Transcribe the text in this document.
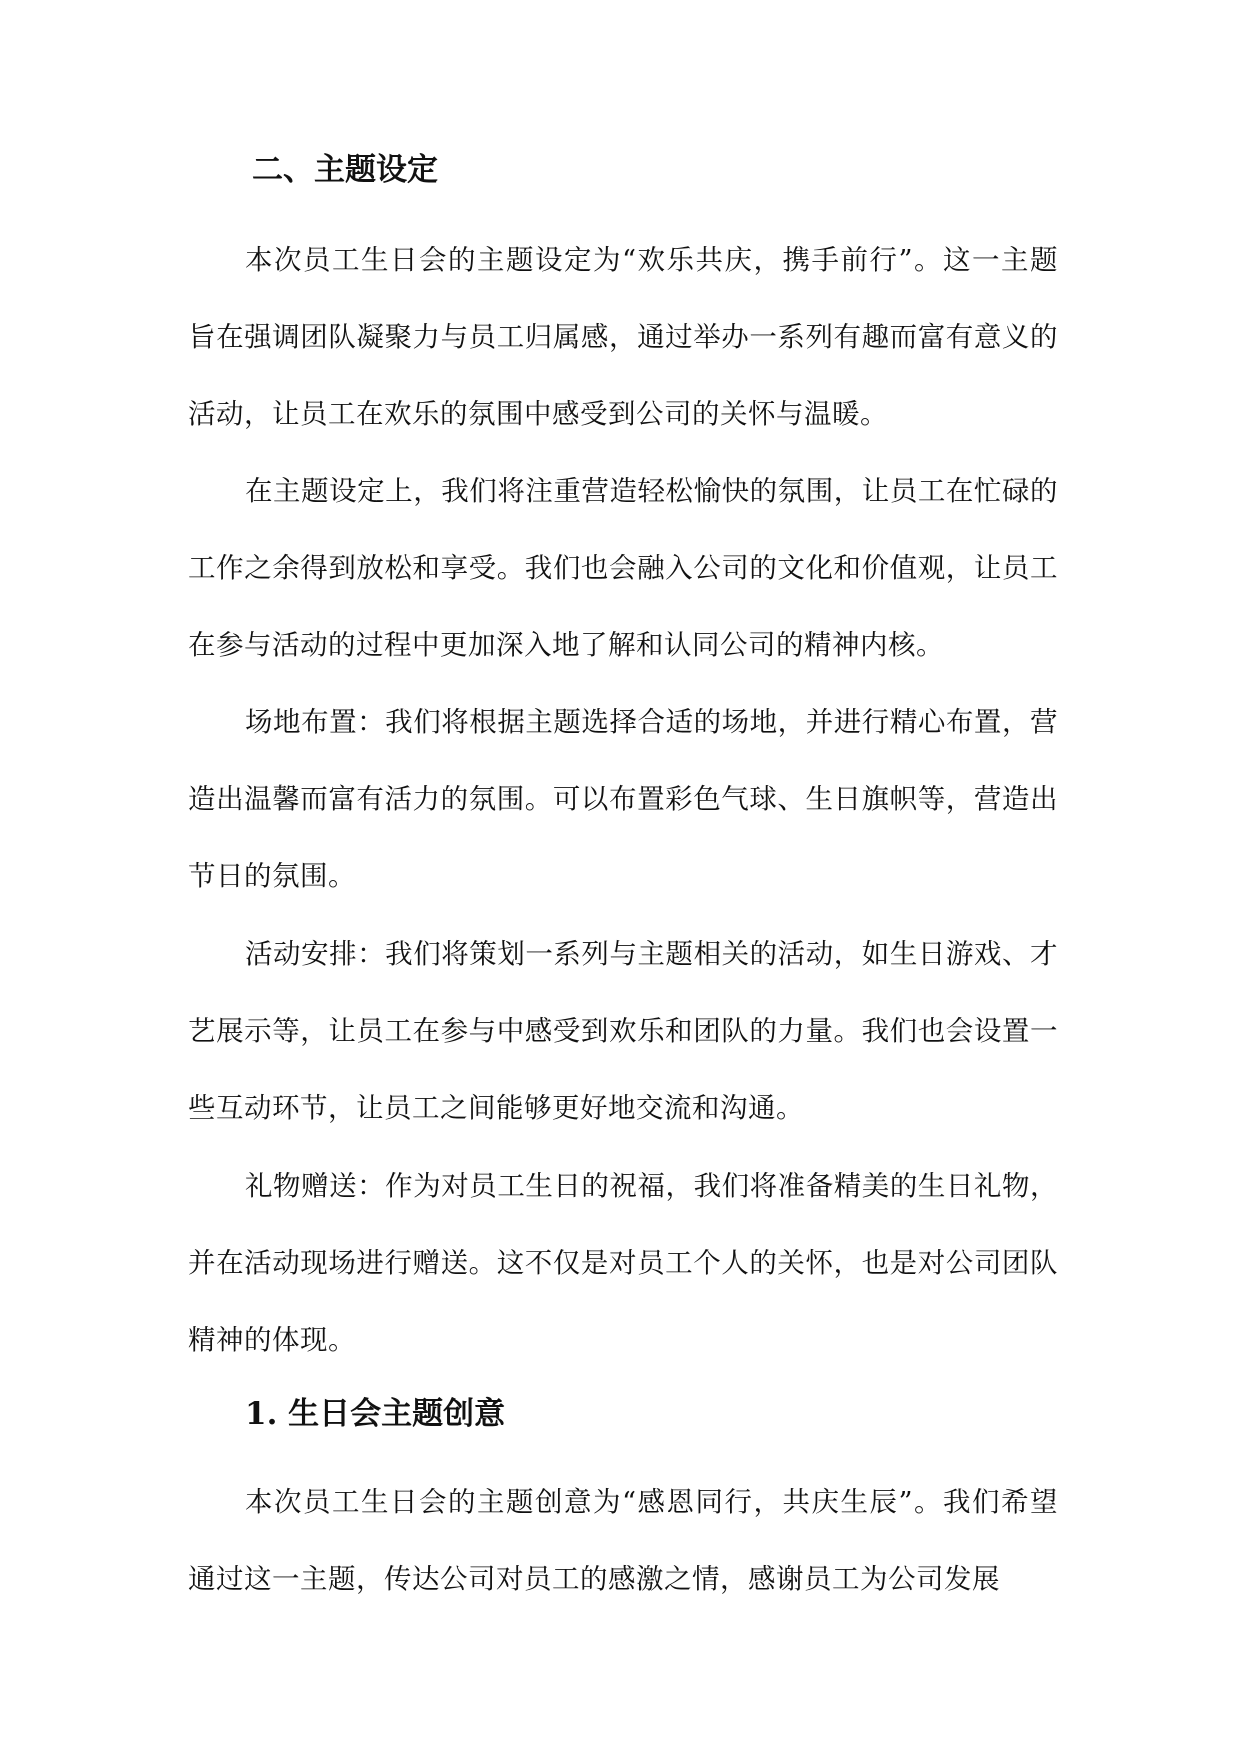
二、主题设定

本次员工生日会的主题设定为“欢乐共庆，携手前行”。这一主题旨在强调团队凝聚力与员工归属感，通过举办一系列有趣而富有意义的活动，让员工在欢乐的氛围中感受到公司的关怀与温暖。

在主题设定上，我们将注重营造轻松愉快的氛围，让员工在忙碌的工作之余得到放松和享受。我们也会融入公司的文化和价值观，让员工在参与活动的过程中更加深入地了解和认同公司的精神内核。

场地布置：我们将根据主题选择合适的场地，并进行精心布置，营造出温馨而富有活力的氛围。可以布置彩色气球、生日旗帜等，营造出节日的氛围。

活动安排：我们将策划一系列与主题相关的活动，如生日游戏、才艺展示等，让员工在参与中感受到欢乐和团队的力量。我们也会设置一些互动环节，让员工之间能够更好地交流和沟通。

礼物赠送：作为对员工生日的祝福，我们将准备精美的生日礼物，并在活动现场进行赠送。这不仅是对员工个人的关怀，也是对公司团队精神的体现。

1. 生日会主题创意

本次员工生日会的主题创意为“感恩同行，共庆生辰”。我们希望通过这一主题，传达公司对员工的感激之情，感谢员工为公司发展
